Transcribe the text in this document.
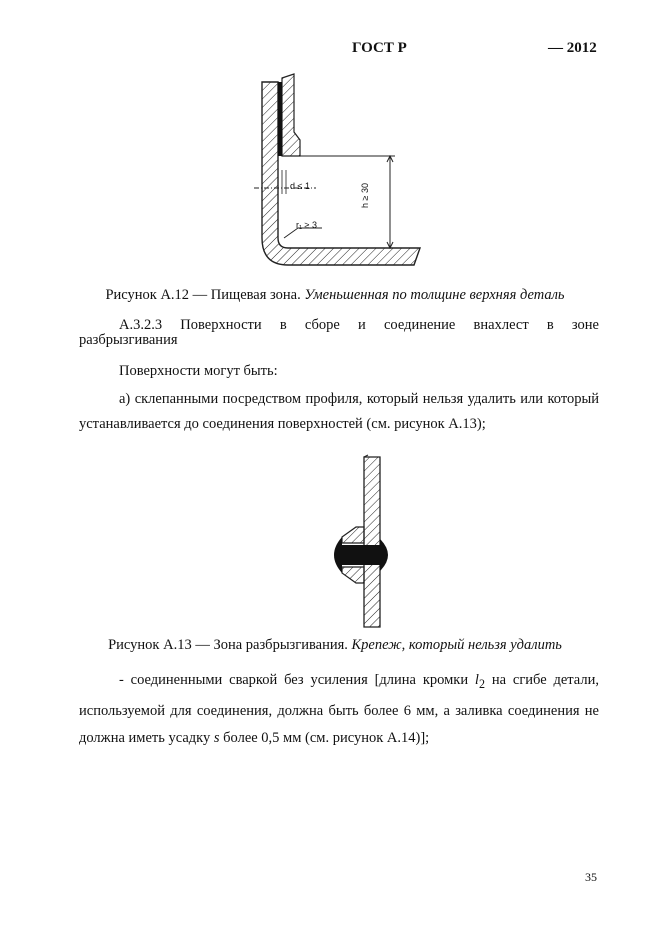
ГОСТ Р	— 2012
d ≤ 1
r₁ ≥ 3
h ≥ 30
Рисунок А.12 — Пищевая зона. Уменьшенная по толщине верхняя деталь
А.3.2.3 Поверхности в сборе и соединение внахлест в зоне
разбрызгивания
Поверхности могут быть:
а) склепанными посредством профиля, который нельзя удалить или который устанавливается до соединения поверхностей (см. рисунок А.13);
Рисунок А.13 — Зона разбрызгивания. Крепеж, который нельзя удалить
- соединенными сваркой без усиления [длина кромки $l_2$ на сгибе детали, используемой для соединения, должна быть более 6 мм, а заливка соединения не должна иметь усадку s более 0,5 мм (см. рисунок А.14)];
35
